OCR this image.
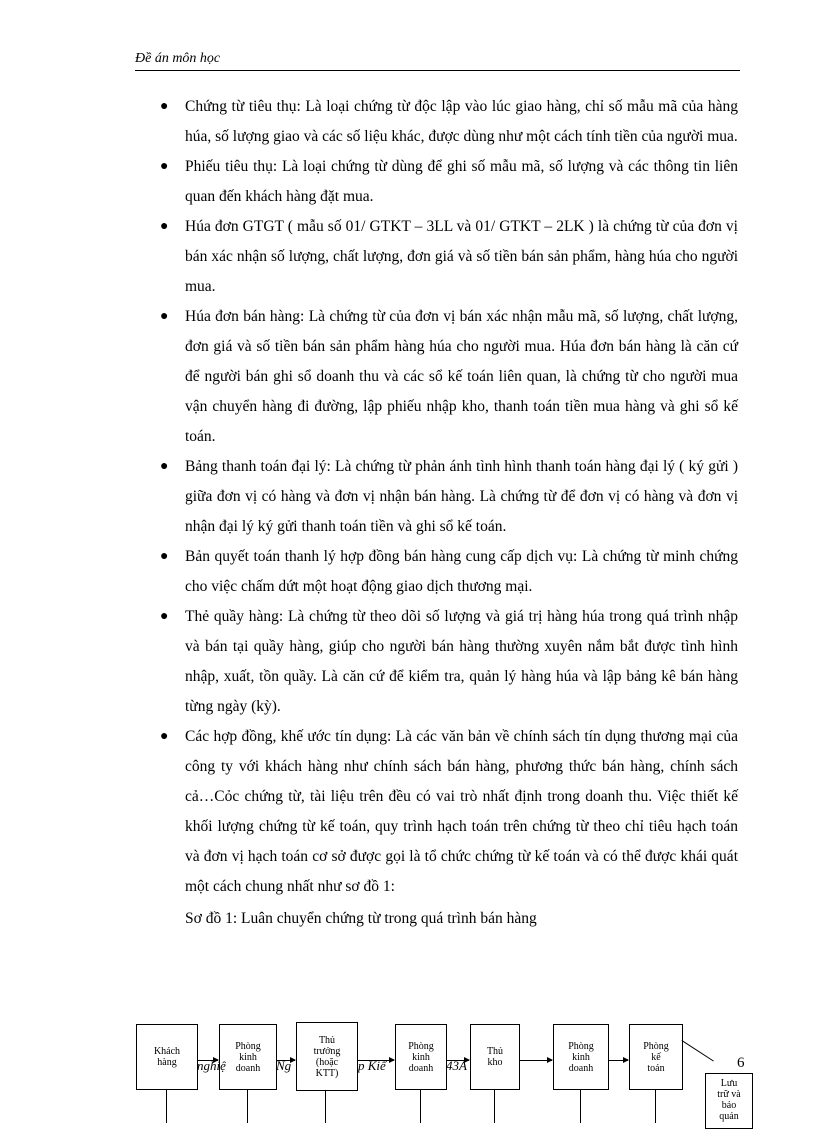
Đề án môn học
● Chứng từ tiêu thụ: Là loại chứng từ độc lập vào lúc giao hàng, chỉ số mẫu mã của hàng húa, số lượng giao và các số liệu khác, được dùng như một cách tính tiền của người mua.
● Phiếu tiêu thụ: Là loại chứng từ dùng để ghi số mẫu mã, số lượng và các thông tin liên quan đến khách hàng đặt mua.
● Húa đơn GTGT ( mẫu số 01/ GTKT – 3LL và 01/ GTKT – 2LK ) là chứng từ của đơn vị bán xác nhận số lượng, chất lượng, đơn giá và số tiền bán sản phẩm, hàng húa cho người mua.
● Húa đơn bán hàng: Là chứng từ của đơn vị bán xác nhận mẫu mã, số lượng, chất lượng, đơn giá và số tiền bán sản phẩm hàng húa cho người mua. Húa đơn bán hàng là căn cứ để người bán ghi sổ doanh thu và các sổ kế toán liên quan, là chứng từ cho người mua vận chuyển hàng đi đường, lập phiếu nhập kho, thanh toán tiền mua hàng và ghi sổ kế toán.
● Bảng thanh toán đại lý: Là chứng từ phản ánh tình hình thanh toán hàng đại lý ( ký gửi ) giữa đơn vị có hàng và đơn vị nhận bán hàng. Là chứng từ để đơn vị có hàng và đơn vị nhận đại lý ký gửi thanh toán tiền và ghi sổ kế toán.
● Bản quyết toán thanh lý hợp đồng bán hàng cung cấp dịch vụ: Là chứng từ minh chứng cho việc chấm dứt một hoạt động giao dịch thương mại.
● Thẻ quầy hàng: Là chứng từ theo dõi số lượng và giá trị hàng húa trong quá trình nhập và bán tại quầy hàng, giúp cho người bán hàng thường xuyên nắm bắt được tình hình nhập, xuất, tồn quầy. Là căn cứ để kiểm tra, quản lý hàng húa và lập bảng kê bán hàng từng ngày (kỳ).
● Các hợp đồng, khế ước tín dụng: Là các văn bản về chính sách tín dụng thương mại của công ty với khách hàng như chính sách bán hàng, phương thức bán hàng, chính sách cả…Cỏc chứng từ, tài liệu trên đều có vai trò nhất định trong doanh thu. Việc thiết kế khối lượng chứng từ kế toán, quy trình hạch toán trên chứng từ theo chỉ tiêu hạch toán và đơn vị hạch toán cơ sở được gọi là tổ chức chứng từ kế toán và có thể được khái quát một cách chung nhất như sơ đồ 1:
Sơ đồ 1: Luân chuyển chứng từ trong quá trình bán hàng
Khách
hàng
Phòng
kinh
doanh
Thủ
trưởng
(hoặc
KTT)
Phòng
kinh
doanh
Thủ
kho
Phòng
kinh
doanh
Phòng
kế
toán
Lưu
trữ và
bảo
quản
nghiệ	Ng	p Kiể	43A	6
